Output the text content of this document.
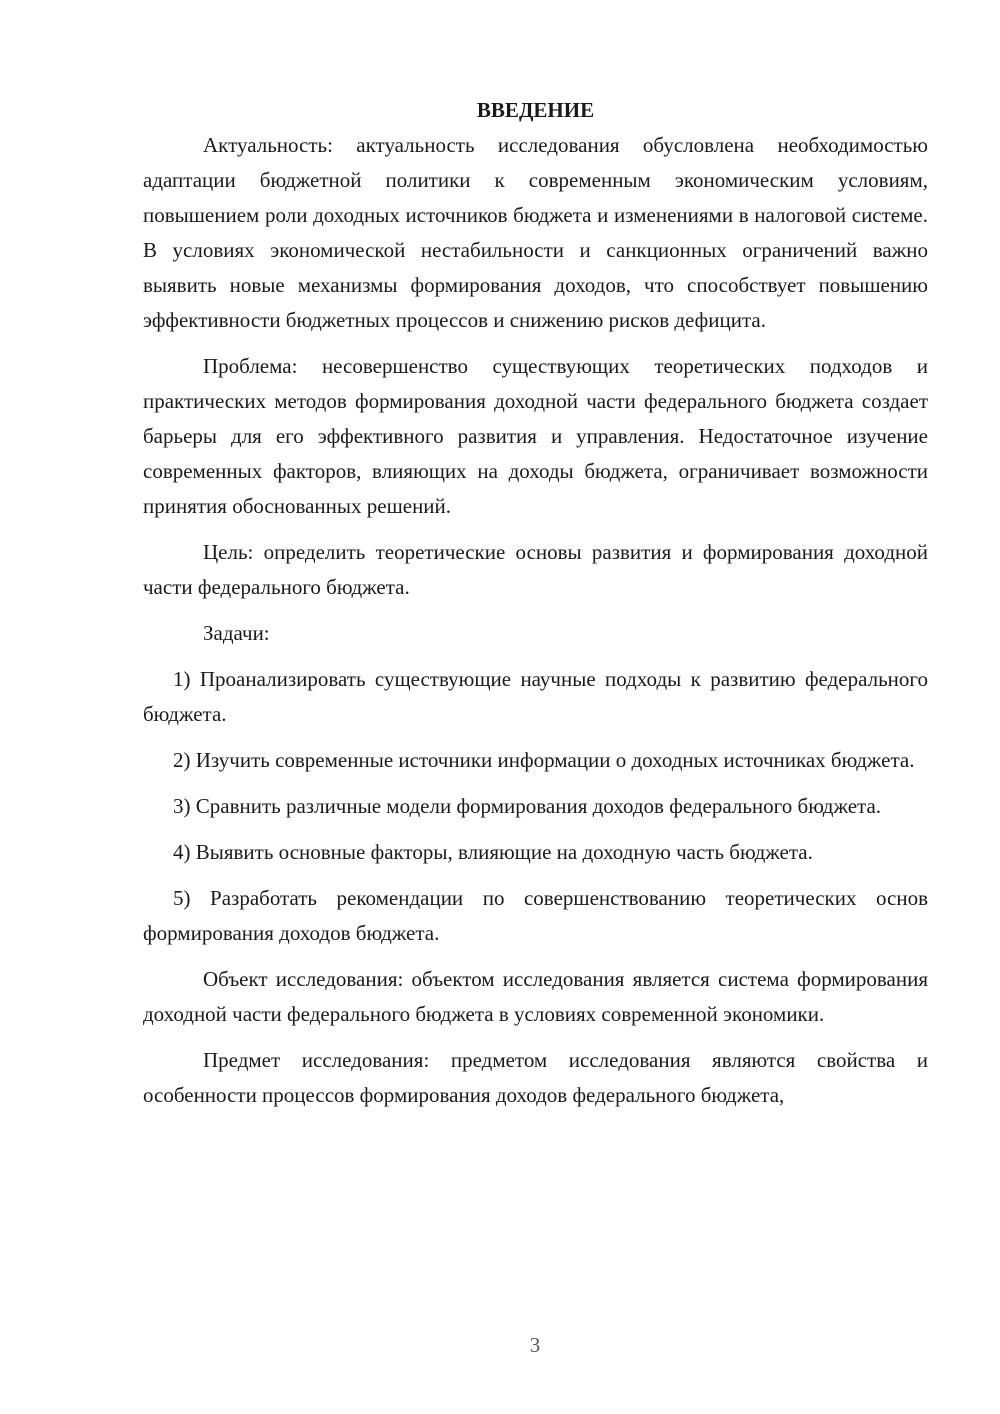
ВВЕДЕНИЕ

Актуальность: актуальность исследования обусловлена необходимостью адаптации бюджетной политики к современным экономическим условиям, повышением роли доходных источников бюджета и изменениями в налоговой системе. В условиях экономической нестабильности и санкционных ограничений важно выявить новые механизмы формирования доходов, что способствует повышению эффективности бюджетных процессов и снижению рисков дефицита.

Проблема: несовершенство существующих теоретических подходов и практических методов формирования доходной части федерального бюджета создает барьеры для его эффективного развития и управления. Недостаточное изучение современных факторов, влияющих на доходы бюджета, ограничивает возможности принятия обоснованных решений.

Цель: определить теоретические основы развития и формирования доходной части федерального бюджета.

Задачи:

1) Проанализировать существующие научные подходы к развитию федерального бюджета.

2) Изучить современные источники информации о доходных источниках бюджета.

3) Сравнить различные модели формирования доходов федерального бюджета.

4) Выявить основные факторы, влияющие на доходную часть бюджета.

5) Разработать рекомендации по совершенствованию теоретических основ формирования доходов бюджета.

Объект исследования: объектом исследования является система формирования доходной части федерального бюджета в условиях современной экономики.

Предмет исследования: предметом исследования являются свойства и особенности процессов формирования доходов федерального бюджета,

3
